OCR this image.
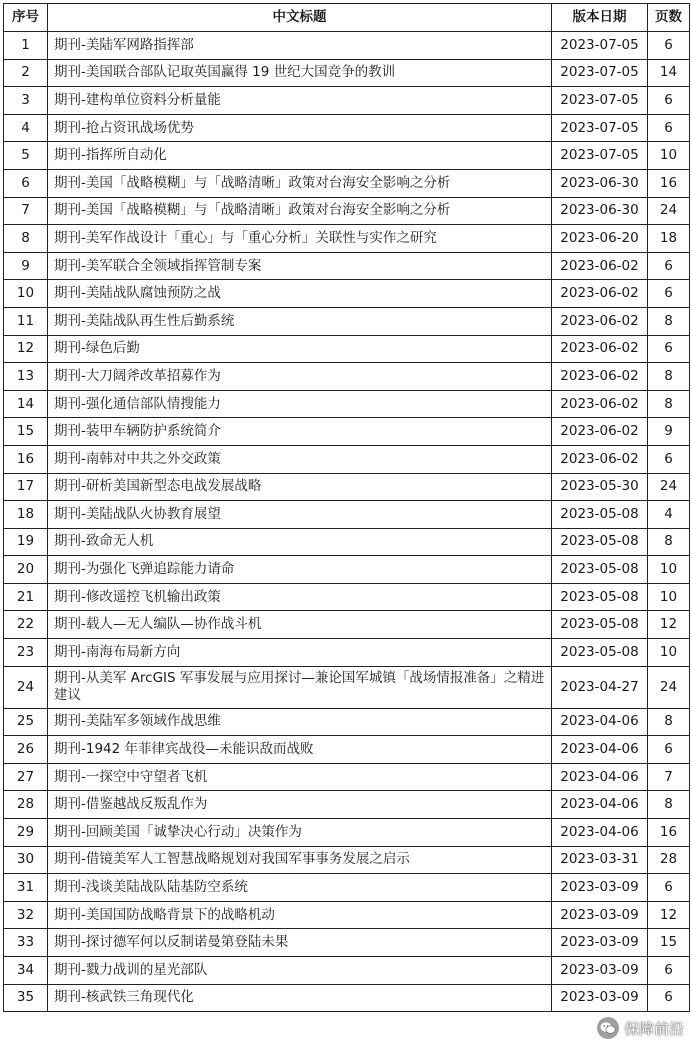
序号	中文标题	版本日期	页数
1	期刊-美陆军网路指挥部	2023-07-05	6
2	期刊-美国联合部队记取英国赢得 19 世纪大国竞争的教训	2023-07-05	14
3	期刊-建构单位资料分析量能	2023-07-05	6
4	期刊-抢占资讯战场优势	2023-07-05	6
5	期刊-指挥所自动化	2023-07-05	10
6	期刊-美国「战略模糊」与「战略清晰」政策对台海安全影响之分析	2023-06-30	16
7	期刊-美国「战略模糊」与「战略清晰」政策对台海安全影响之分析	2023-06-30	24
8	期刊-美军作战设计「重心」与「重心分析」关联性与实作之研究	2023-06-20	18
9	期刊-美军联合全领域指挥管制专案	2023-06-02	6
10	期刊-美陆战队腐蚀预防之战	2023-06-02	6
11	期刊-美陆战队再生性后勤系统	2023-06-02	8
12	期刊-绿色后勤	2023-06-02	6
13	期刊-大刀阔斧改革招募作为	2023-06-02	8
14	期刊-强化通信部队情搜能力	2023-06-02	8
15	期刊-装甲车辆防护系统简介	2023-06-02	9
16	期刊-南韩对中共之外交政策	2023-06-02	6
17	期刊-研析美国新型态电战发展战略	2023-05-30	24
18	期刊-美陆战队火协教育展望	2023-05-08	4
19	期刊-致命无人机	2023-05-08	8
20	期刊-为强化飞弹追踪能力请命	2023-05-08	10
21	期刊-修改遥控飞机输出政策	2023-05-08	10
22	期刊-载人—无人编队—协作战斗机	2023-05-08	12
23	期刊-南海布局新方向	2023-05-08	10
24	期刊-从美军 ArcGIS 军事发展与应用探讨—兼论国军城镇「战场情报准备」之精进建议	2023-04-27	24
25	期刊-美陆军多领域作战思维	2023-04-06	8
26	期刊-1942 年菲律宾战役—未能识敌而战败	2023-04-06	6
27	期刊-一探空中守望者飞机	2023-04-06	7
28	期刊-借鉴越战反叛乱作为	2023-04-06	8
29	期刊-回顾美国「诚挚决心行动」决策作为	2023-04-06	16
30	期刊-借镜美军人工智慧战略规划对我国军事事务发展之启示	2023-03-31	28
31	期刊-浅谈美陆战队陆基防空系统	2023-03-09	6
32	期刊-美国国防战略背景下的战略机动	2023-03-09	12
33	期刊-探讨德军何以反制诺曼第登陆未果	2023-03-09	15
34	期刊-戮力战训的星光部队	2023-03-09	6
35	期刊-核武铁三角现代化	2023-03-09	6
保障前沿
